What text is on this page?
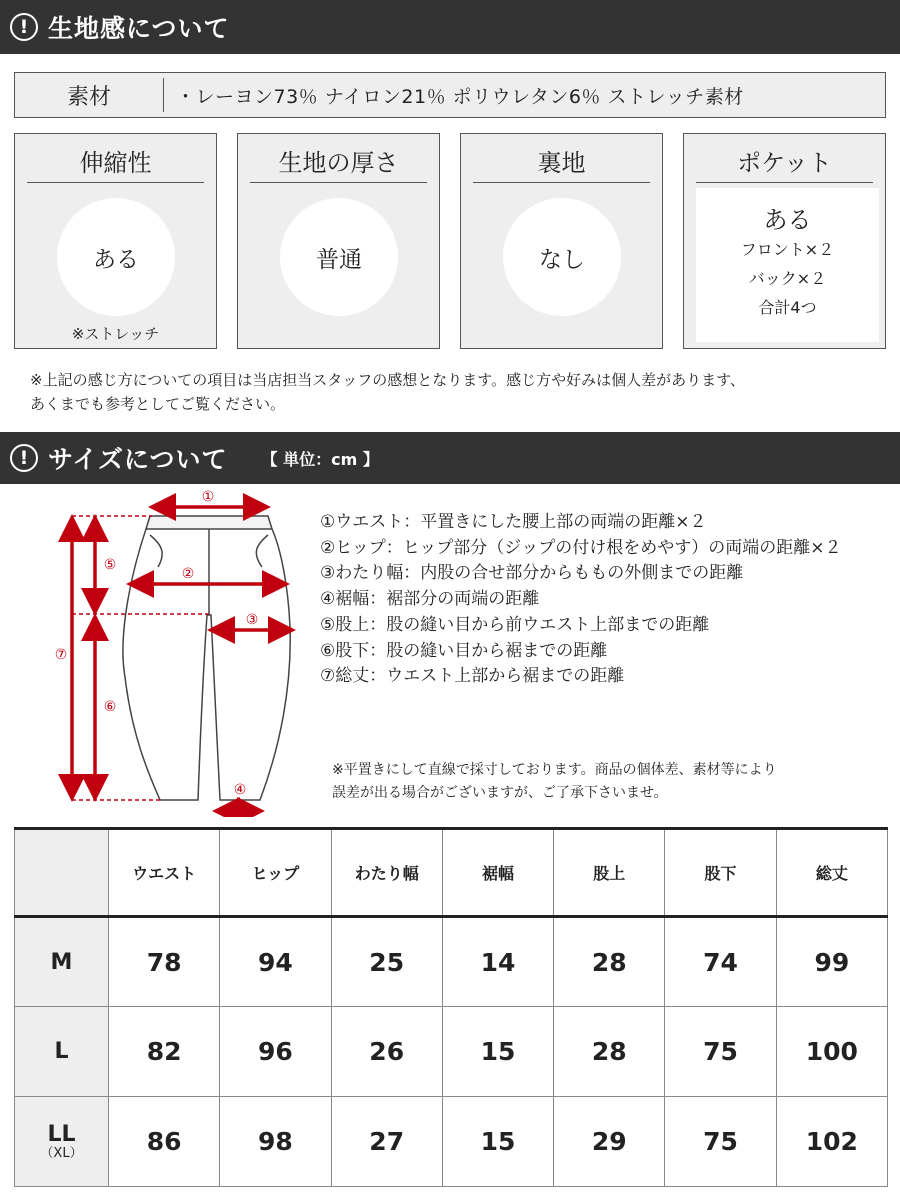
! 生地感について
素材	・レーヨン73％ ナイロン21％ ポリウレタン6％ ストレッチ素材
伸縮性
ある
※ストレッチ
生地の厚さ
普通
裏地
なし
ポケット
ある
フロント×２
バック×２
合計4つ
※上記の感じ方についての項目は当店担当スタッフの感想となります。感じ方や好みは個人差があります、
あくまでも参考としてご覧ください。
! サイズについて 【 単位：cm 】
①
②
③
④
⑤
⑥
⑦
①ウエスト：平置きにした腰上部の両端の距離×２
②ヒップ：ヒップ部分（ジップの付け根をめやす）の両端の距離×２
③わたり幅：内股の合せ部分からももの外側までの距離
④裾幅：裾部分の両端の距離
⑤股上：股の縫い目から前ウエスト上部までの距離
⑥股下：股の縫い目から裾までの距離
⑦総丈：ウエスト上部から裾までの距離
※平置きにして直線で採寸しております。商品の個体差、素材等により
誤差が出る場合がございますが、ご了承下さいませ。
	ウエスト	ヒップ	わたり幅	裾幅	股上	股下	総丈
M	78	94	25	14	28	74	99
L	82	96	26	15	28	75	100

LL
（XL）	86	98	27	15	29	75	102
